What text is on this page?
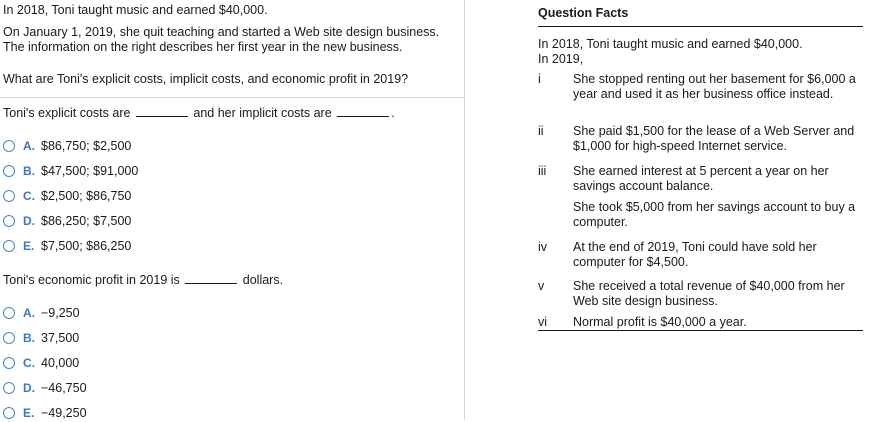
In 2018, Toni taught music and earned $40,000.

On January 1, 2019, she quit teaching and started a Web site design business.

The information on the right describes her first year in the new business.

What are Toni's explicit costs, implicit costs, and economic profit in 2019?

Toni's explicit costs are	and her implicit costs are	.

A. $86,750; $2,500
B. $47,500; $91,000
C. $2,500; $86,750
D. $86,250; $7,500
E. $7,500; $86,250

Toni's economic profit in 2019 is	dollars.

A. −9,250
B. 37,500
C. 40,000
D. −46,750
E. −49,250
Question Facts
In 2018, Toni taught music and earned $40,000.
In 2019,
i	She stopped renting out her basement for $6,000 a year and used it as her business office instead.
ii	She paid $1,500 for the lease of a Web Server and $1,000 for high-speed Internet service.
iii	She earned interest at 5 percent a year on her savings account balance.
She took $5,000 from her savings account to buy a computer.
iv	At the end of 2019, Toni could have sold her computer for $4,500.
v	She received a total revenue of $40,000 from her Web site design business.
vi	Normal profit is $40,000 a year.
